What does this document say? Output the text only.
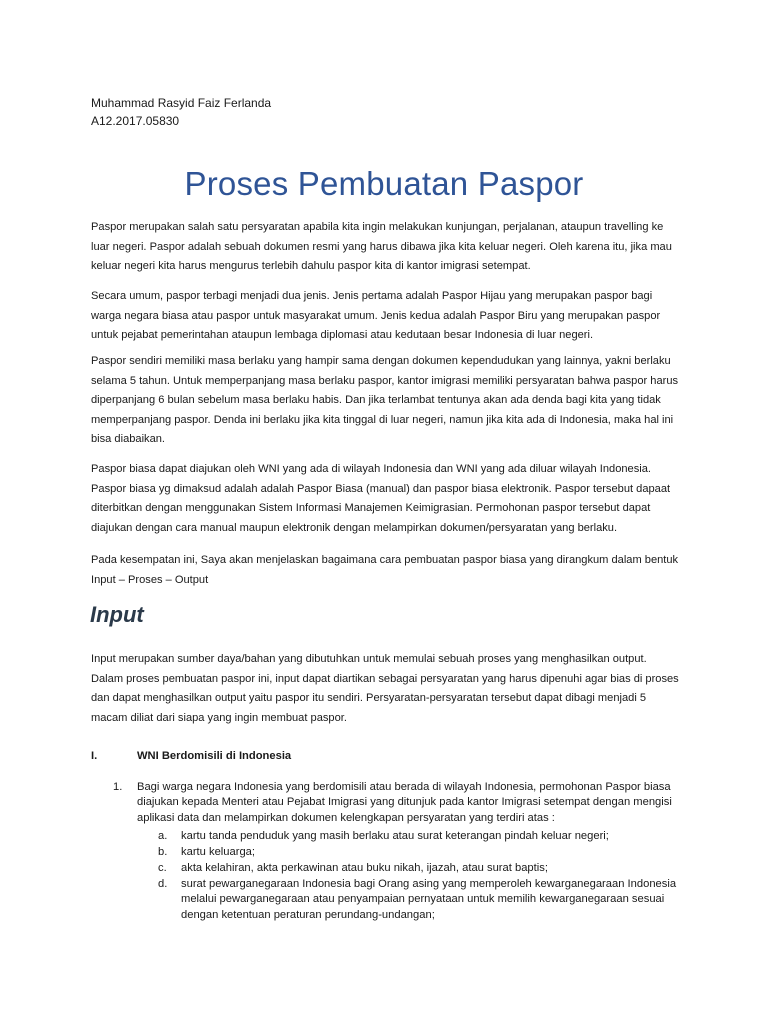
Muhammad Rasyid Faiz Ferlanda
A12.2017.05830
Proses Pembuatan Paspor
Paspor merupakan salah satu persyaratan apabila kita ingin melakukan kunjungan, perjalanan, ataupun travelling ke luar negeri. Paspor adalah sebuah dokumen resmi yang harus dibawa jika kita keluar negeri. Oleh karena itu, jika mau keluar negeri kita harus mengurus terlebih dahulu paspor kita di kantor imigrasi setempat.
Secara umum, paspor terbagi menjadi dua jenis. Jenis pertama adalah Paspor Hijau yang merupakan paspor bagi warga negara biasa atau paspor untuk masyarakat umum. Jenis kedua adalah Paspor Biru yang merupakan paspor untuk pejabat pemerintahan ataupun lembaga diplomasi atau kedutaan besar Indonesia di luar negeri.
Paspor sendiri memiliki masa berlaku yang hampir sama dengan dokumen kependudukan yang lainnya, yakni berlaku selama 5 tahun. Untuk memperpanjang masa berlaku paspor, kantor imigrasi memiliki persyaratan bahwa paspor harus diperpanjang 6 bulan sebelum masa berlaku habis. Dan jika terlambat tentunya akan ada denda bagi kita yang tidak memperpanjang paspor. Denda ini berlaku jika kita tinggal di luar negeri, namun jika kita ada di Indonesia, maka hal ini bisa diabaikan.
Paspor biasa dapat diajukan oleh WNI yang ada di wilayah Indonesia dan WNI yang ada diluar wilayah Indonesia. Paspor biasa yg dimaksud adalah adalah Paspor Biasa (manual) dan paspor biasa elektronik. Paspor tersebut dapaat diterbitkan dengan menggunakan Sistem Informasi Manajemen Keimigrasian. Permohonan paspor tersebut dapat diajukan dengan cara manual maupun elektronik dengan melampirkan dokumen/persyaratan yang berlaku.
Pada kesempatan ini, Saya akan menjelaskan bagaimana cara pembuatan paspor biasa yang dirangkum dalam bentuk Input – Proses – Output
Input
Input merupakan sumber daya/bahan yang dibutuhkan untuk memulai sebuah proses yang menghasilkan output. Dalam proses pembuatan paspor ini, input dapat diartikan sebagai persyaratan yang harus dipenuhi agar bias di proses dan dapat menghasilkan output yaitu paspor itu sendiri. Persyaratan-persyaratan tersebut dapat dibagi menjadi 5 macam diliat dari siapa yang ingin membuat paspor.
I.	WNI Berdomisili di Indonesia
1. Bagi warga negara Indonesia yang berdomisili atau berada di wilayah Indonesia, permohonan Paspor biasa diajukan kepada Menteri atau Pejabat Imigrasi yang ditunjuk pada kantor Imigrasi setempat dengan mengisi aplikasi data dan melampirkan dokumen kelengkapan persyaratan yang terdiri atas :
a. kartu tanda penduduk yang masih berlaku atau surat keterangan pindah keluar negeri;
b. kartu keluarga;
c. akta kelahiran, akta perkawinan atau buku nikah, ijazah, atau surat baptis;
d. surat pewarganegaraan Indonesia bagi Orang asing yang memperoleh kewarganegaraan Indonesia melalui pewarganegaraan atau penyampaian pernyataan untuk memilih kewarganegaraan sesuai dengan ketentuan peraturan perundang-undangan;
